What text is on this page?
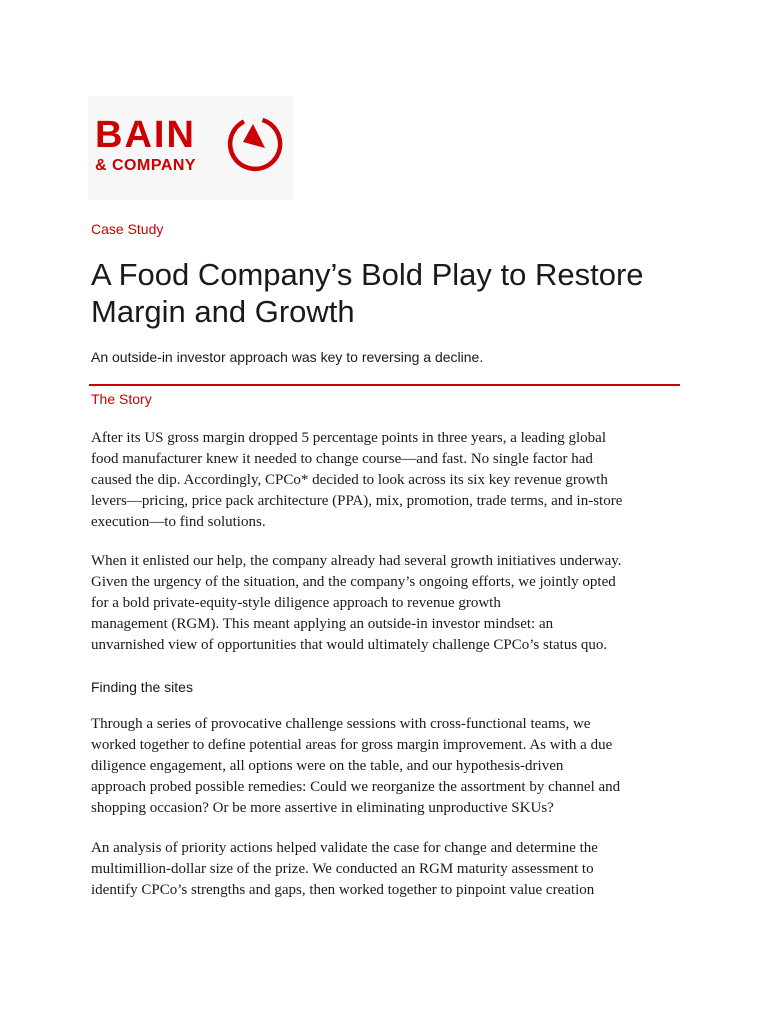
BAIN
& COMPANY
Case Study
A Food Company’s Bold Play to Restore
Margin and Growth
An outside-in investor approach was key to reversing a decline.
The Story

After its US gross margin dropped 5 percentage points in three years, a leading global
food manufacturer knew it needed to change course—and fast. No single factor had
caused the dip. Accordingly, CPCo* decided to look across its six key revenue growth
levers—pricing, price pack architecture (PPA), mix, promotion, trade terms, and in-store
execution—to find solutions.

When it enlisted our help, the company already had several growth initiatives underway.
Given the urgency of the situation, and the company’s ongoing efforts, we jointly opted
for a bold private-equity-style diligence approach to revenue growth
management (RGM). This meant applying an outside-in investor mindset: an
unvarnished view of opportunities that would ultimately challenge CPCo’s status quo.

Finding the sites

Through a series of provocative challenge sessions with cross-functional teams, we
worked together to define potential areas for gross margin improvement. As with a due
diligence engagement, all options were on the table, and our hypothesis-driven
approach probed possible remedies: Could we reorganize the assortment by channel and
shopping occasion? Or be more assertive in eliminating unproductive SKUs?

An analysis of priority actions helped validate the case for change and determine the
multimillion-dollar size of the prize. We conducted an RGM maturity assessment to
identify CPCo’s strengths and gaps, then worked together to pinpoint value creation
